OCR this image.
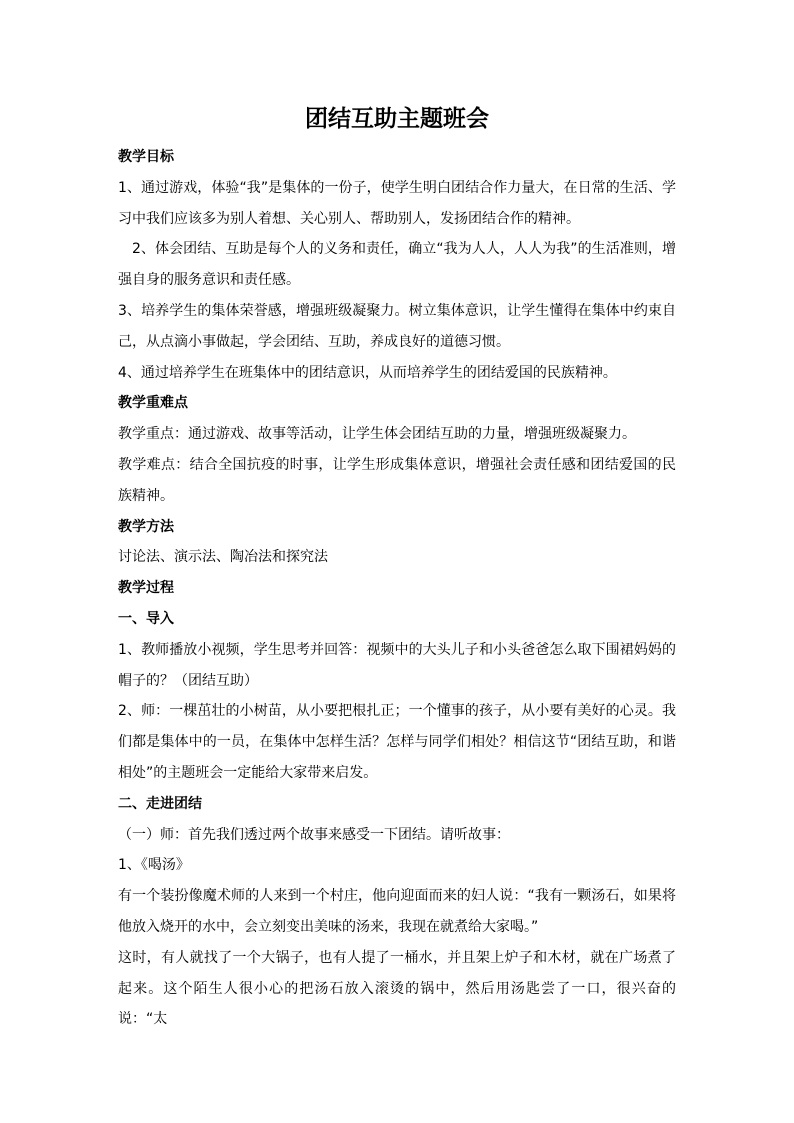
团结互助主题班会

教学目标

1、通过游戏，体验“我”是集体的一份子，使学生明白团结合作力量大，在日常的生活、学习中我们应该多为别人着想、关心别人、帮助别人，发扬团结合作的精神。

2、体会团结、互助是每个人的义务和责任，确立“我为人人，人人为我”的生活准则，增强自身的服务意识和责任感。

3、培养学生的集体荣誉感，增强班级凝聚力。树立集体意识，让学生懂得在集体中约束自己，从点滴小事做起，学会团结、互助，养成良好的道德习惯。

4、通过培养学生在班集体中的团结意识，从而培养学生的团结爱国的民族精神。

教学重难点

教学重点：通过游戏、故事等活动，让学生体会团结互助的力量，增强班级凝聚力。

教学难点：结合全国抗疫的时事，让学生形成集体意识，增强社会责任感和团结爱国的民族精神。

教学方法

讨论法、演示法、陶冶法和探究法

教学过程

一、导入

1、教师播放小视频，学生思考并回答：视频中的大头儿子和小头爸爸怎么取下围裙妈妈的帽子的？（团结互助）

2、师：一棵茁壮的小树苗，从小要把根扎正；一个懂事的孩子，从小要有美好的心灵。我们都是集体中的一员，在集体中怎样生活？怎样与同学们相处？相信这节“团结互助，和谐相处”的主题班会一定能给大家带来启发。

二、走进团结

（一）师：首先我们透过两个故事来感受一下团结。请听故事：

1、《喝汤》

有一个装扮像魔术师的人来到一个村庄，他向迎面而来的妇人说：“我有一颗汤石，如果将他放入烧开的水中，会立刻变出美味的汤来，我现在就煮给大家喝。”

这时，有人就找了一个大锅子，也有人提了一桶水，并且架上炉子和木材，就在广场煮了起来。这个陌生人很小心的把汤石放入滚烫的锅中，然后用汤匙尝了一口，很兴奋的说：“太
